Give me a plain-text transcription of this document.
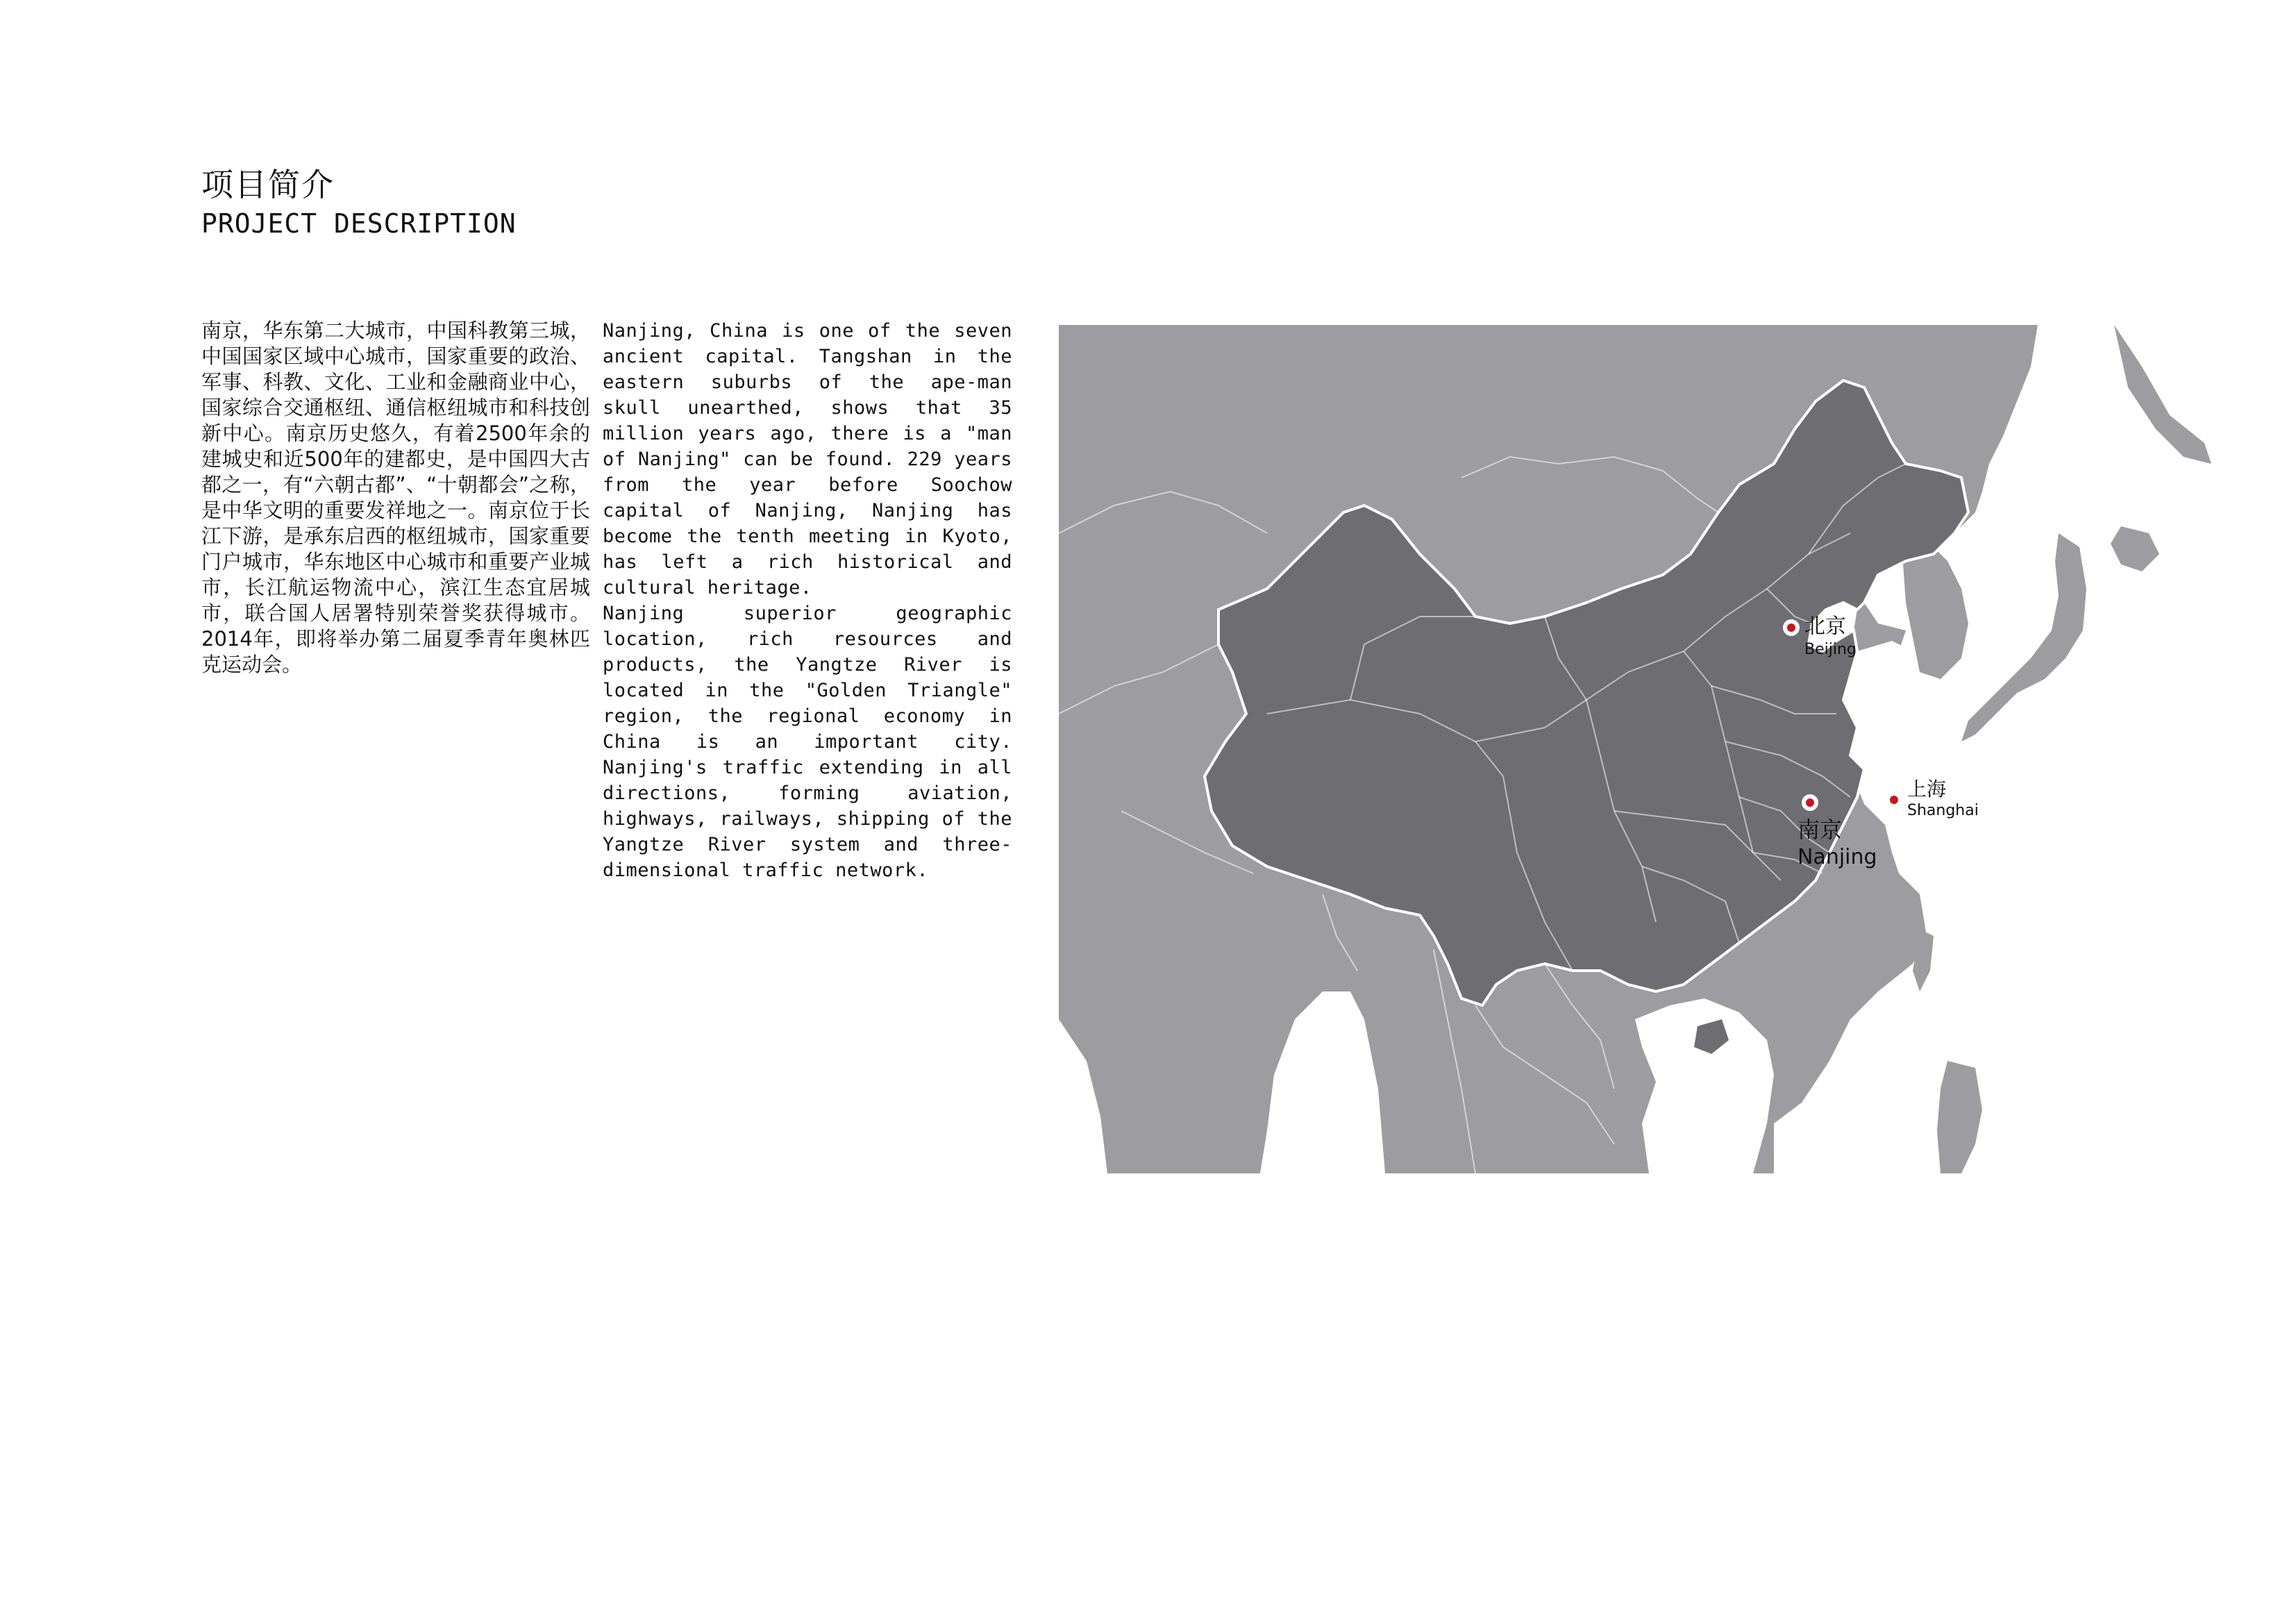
项目简介
PROJECT DESCRIPTION
南京，华东第二大城市，中国科教第三城，中国国家区域中心城市，国家重要的政治、军事、科教、文化、工业和金融商业中心，国家综合交通枢纽、通信枢纽城市和科技创新中心。南京历史悠久，有着2500年余的建城史和近500年的建都史，是中国四大古都之一，有“六朝古都”、“十朝都会”之称，是中华文明的重要发祥地之一。南京位于长江下游，是承东启西的枢纽城市，国家重要门户城市，华东地区中心城市和重要产业城市，长江航运物流中心，滨江生态宜居城市，联合国人居署特别荣誉奖获得城市。2014年，即将举办第二届夏季青年奥林匹克运动会。

Nanjing, China is one of the seven ancient capital. Tangshan in the eastern suburbs of the ape-man skull unearthed, shows that 35 million years ago, there is a "man of Nanjing" can be found. 229 years from the year before Soochow capital of Nanjing, Nanjing has become the tenth meeting in Kyoto, has left a rich historical and cultural heritage.

Nanjing superior geographic location, rich resources and products, the Yangtze River is located in the "Golden Triangle" region, the regional economy in China is an important city. Nanjing's traffic extending in all directions, forming aviation, highways, railways, shipping of the Yangtze River system and three-dimensional traffic network.

北京
Beijing
上海
Shanghai
南京
Nanjing
